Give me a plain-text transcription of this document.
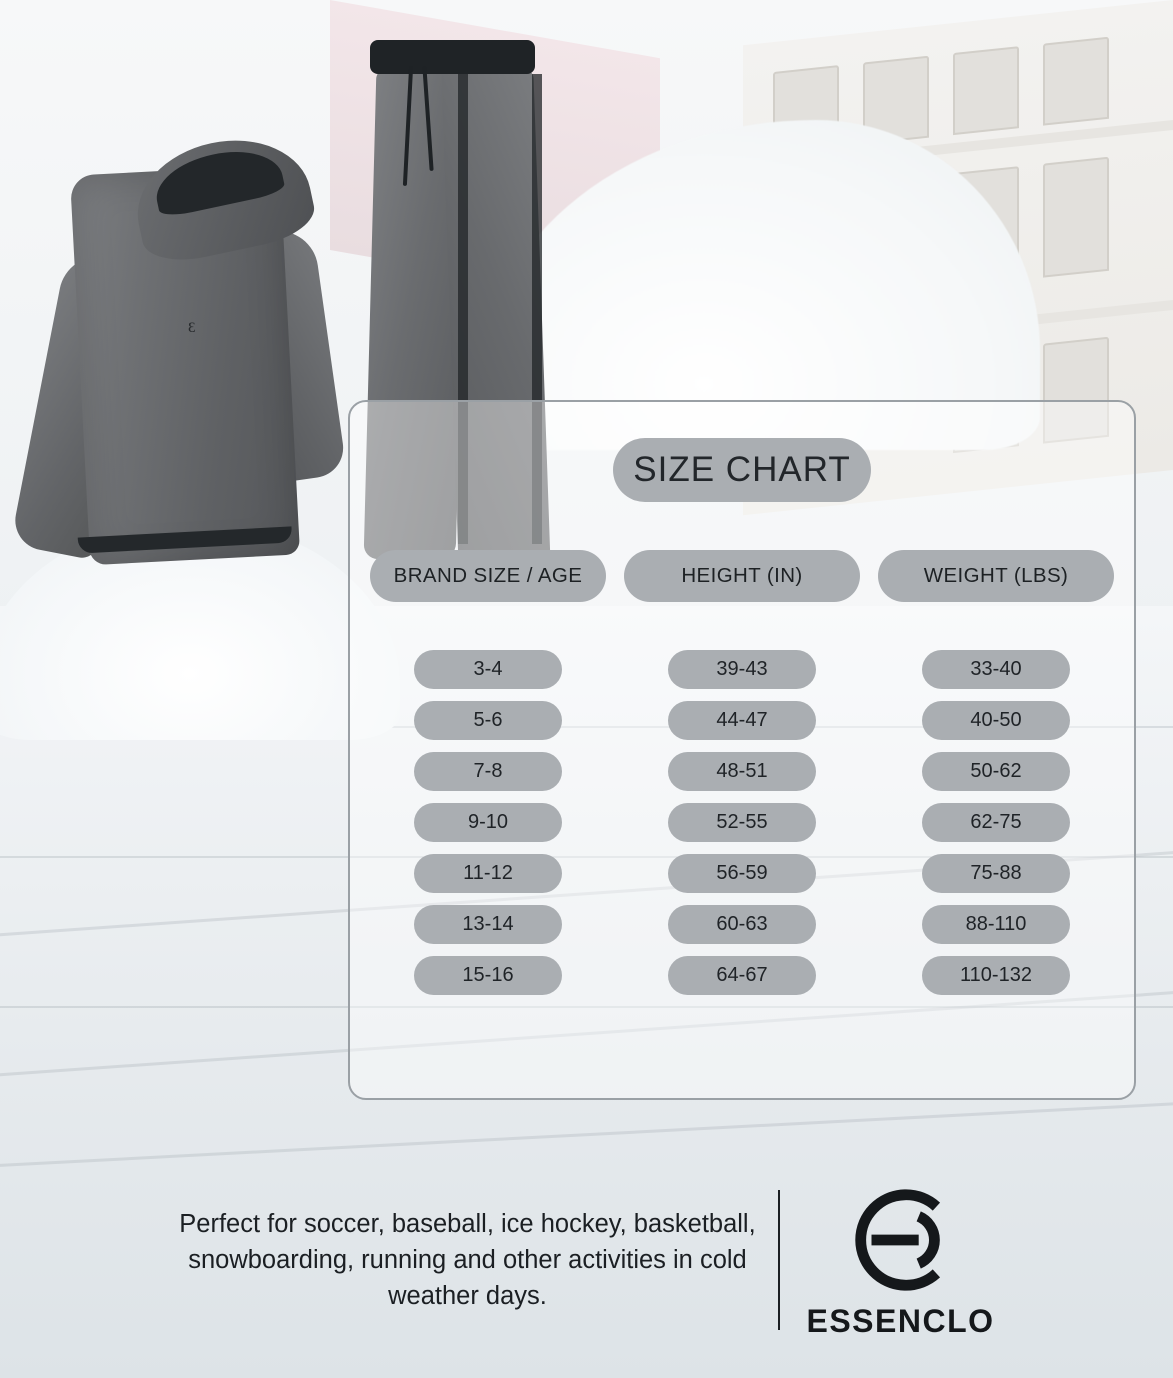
Ɛ
SIZE CHART
BRAND SIZE / AGE	HEIGHT (IN)	WEIGHT (LBS)
3-4	39-43	33-40
5-6	44-47	40-50
7-8	48-51	50-62
9-10	52-55	62-75
11-12	56-59	75-88
13-14	60-63	88-110
15-16	64-67	110-132
Perfect for soccer, baseball, ice hockey, basketball, snowboarding, running and other activities in cold weather days.
ESSENCLO
